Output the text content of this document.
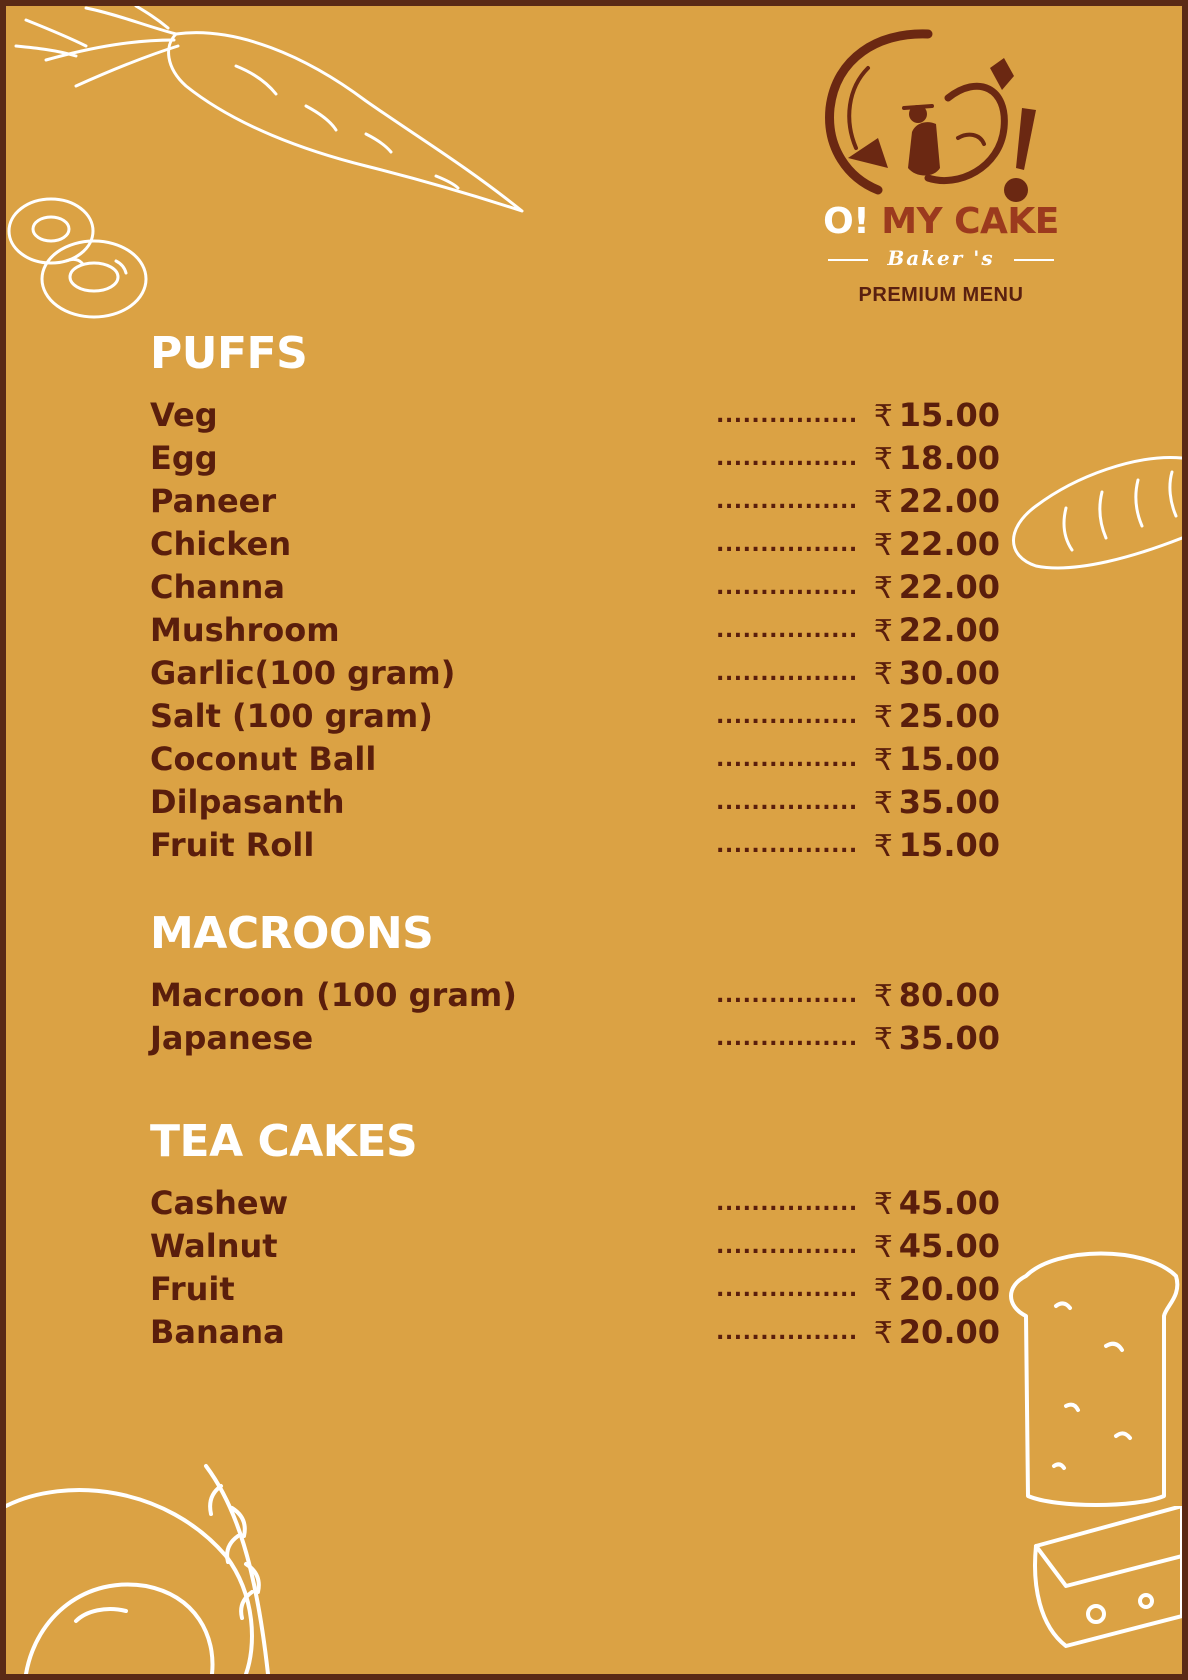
O! MY CAKE
Baker 's
PREMIUM MENU
PUFFS
Veg	................ ₹ 15.00
Egg	................ ₹ 18.00
Paneer	................ ₹ 22.00
Chicken	................ ₹ 22.00
Channa	................ ₹ 22.00
Mushroom	................ ₹ 22.00
Garlic(100 gram)	................ ₹ 30.00
Salt (100 gram)	................ ₹ 25.00
Coconut Ball	................ ₹ 15.00
Dilpasanth	................ ₹ 35.00
Fruit Roll	................ ₹ 15.00
MACROONS
Macroon (100 gram)	................ ₹ 80.00
Japanese	................ ₹ 35.00
TEA CAKES
Cashew	................ ₹ 45.00
Walnut	................ ₹ 45.00
Fruit	................ ₹ 20.00
Banana	................ ₹ 20.00
